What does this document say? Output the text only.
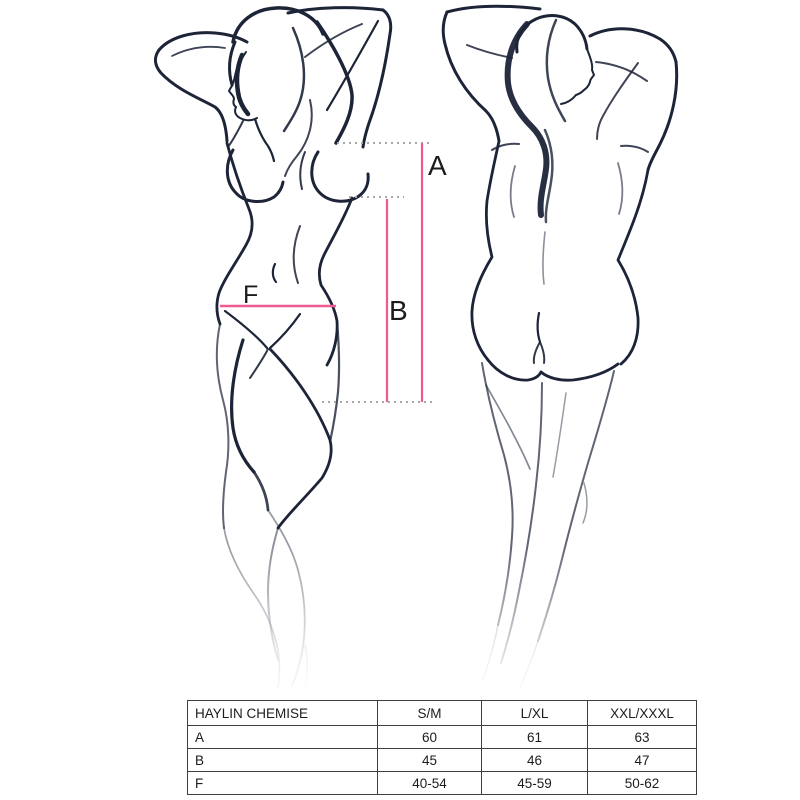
A
B
F
HAYLIN CHEMISE	S/M	L/XL	XXL/XXXL
A	60	61	63
B	45	46	47
F	40-54	45-59	50-62
